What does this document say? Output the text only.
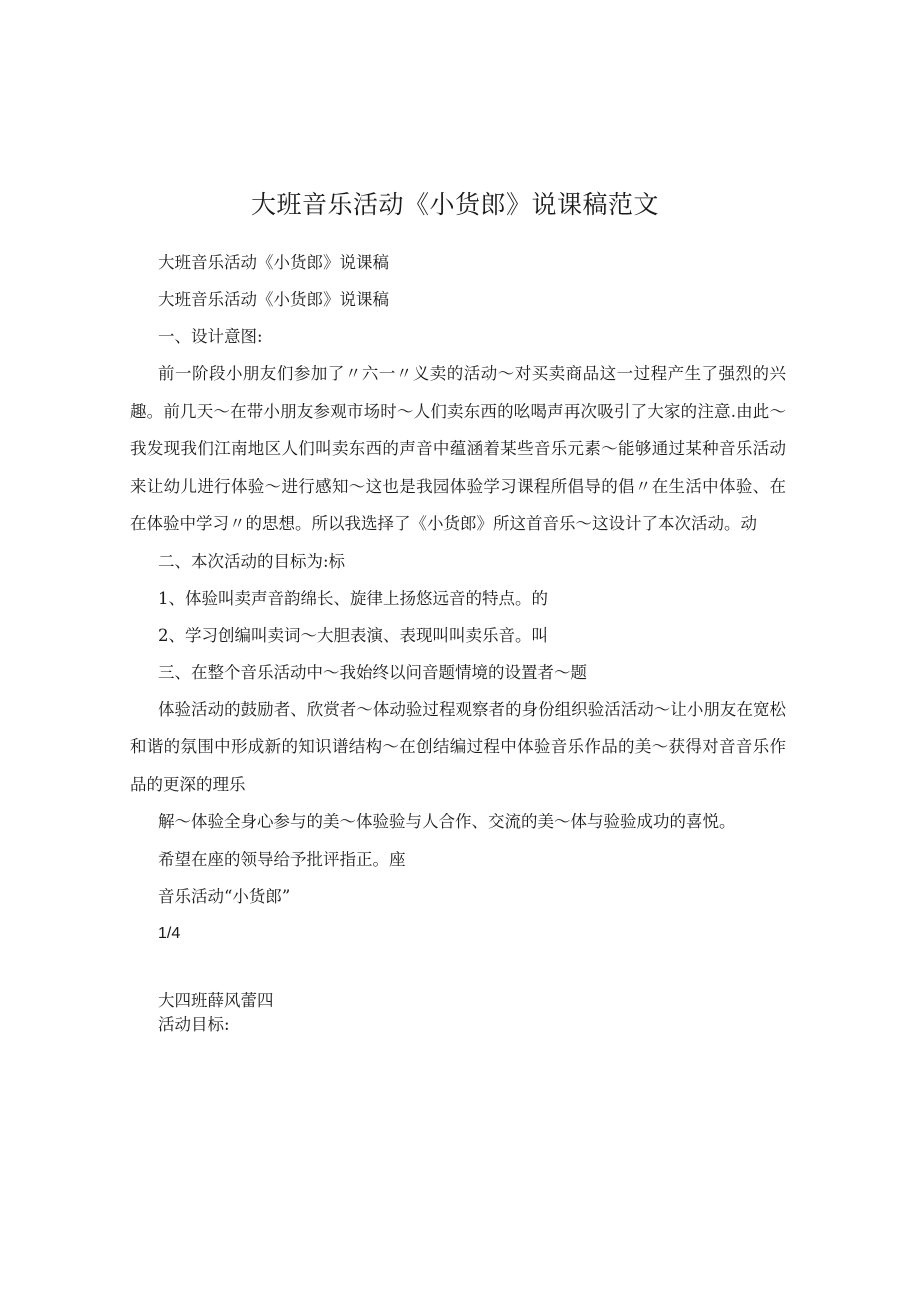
大班音乐活动《小货郎》说课稿范文
大班音乐活动《小货郎》说课稿
大班音乐活动《小货郎》说课稿
一、设计意图:

前一阶段小朋友们参加了〃六一〃义卖的活动～对买卖商品这一过程产生了强烈的兴趣。前几天～在带小朋友参观市场时～人们卖东西的吆喝声再次吸引了大家的注意.由此～我发现我们江南地区人们叫卖东西的声音中蕴涵着某些音乐元素～能够通过某种音乐活动来让幼儿进行体验～进行感知～这也是我园体验学习课程所倡导的倡〃在生活中体验、在在体验中学习〃的思想。所以我选择了《小货郎》所这首音乐～这设计了本次活动。动

二、本次活动的目标为:标
1、体验叫卖声音韵绵长、旋律上扬悠远音的特点。的
2、学习创编叫卖词～大胆表演、表现叫叫卖乐音。叫
三、在整个音乐活动中～我始终以问音题情境的设置者～题

体验活动的鼓励者、欣赏者～体动验过程观察者的身份组织验活活动～让小朋友在宽松和谐的氛围中形成新的知识谱结构～在创结编过程中体验音乐作品的美～获得对音音乐作品的更深的理乐

解～体验全身心参与的美～体验验与人合作、交流的美～体与验验成功的喜悦。

希望在座的领导给予批评指正。座
音乐活动“小货郎”
1/4
大四班薛风蕾四
活动目标:
